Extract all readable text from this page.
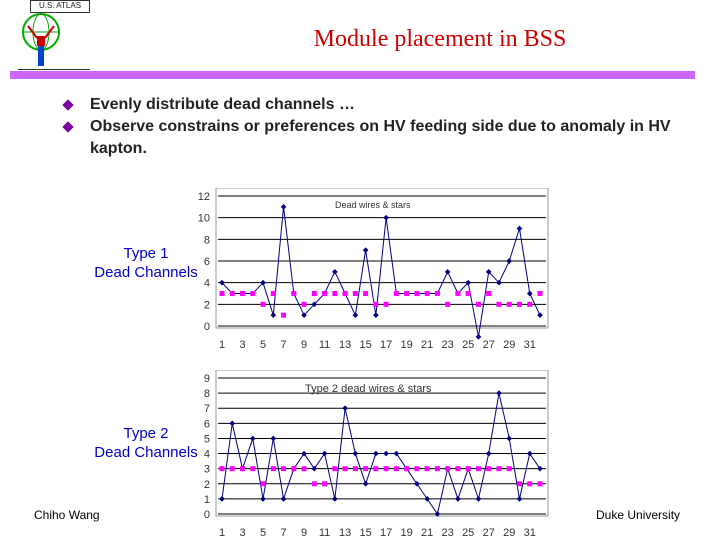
U.S. ATLAS
Module placement in BSS
Evenly distribute dead channels …
Observe constrains or preferences on HV feeding side due to anomaly in HV kapton.
Type 1
Dead Channels
Type 2
Dead Channels
0
2
4
6
8
10
12
1 3 5 7 9 11 13 15 17 19 21 23 25 27 29 31
Dead wires & stars
0
1
2
3
4
5
6
7
8
9
1 3 5 7 9 11 13 15 17 19 21 23 25 27 29 31
Type 2 dead wires & stars
Chiho Wang	Duke University
